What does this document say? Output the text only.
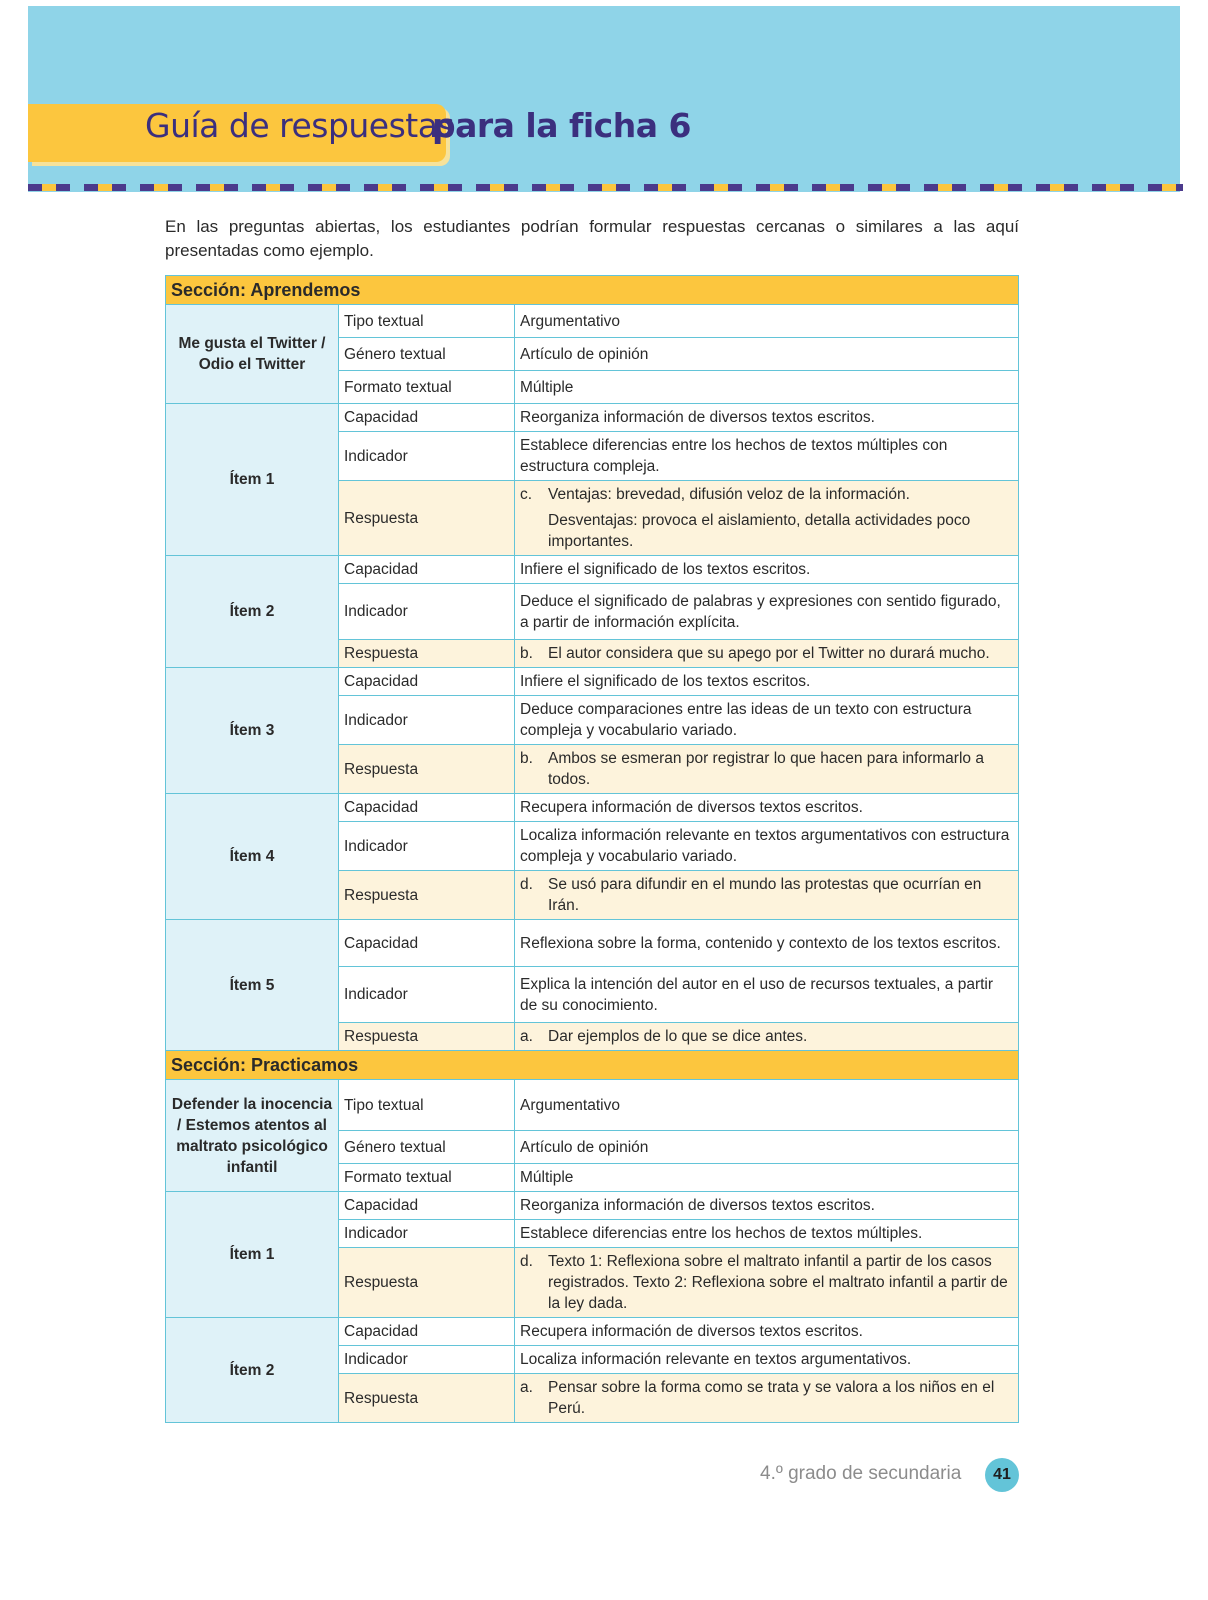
Guía de respuestas
para la ficha 6

En las preguntas abiertas, los estudiantes podrían formular respuestas cercanas o similares a las aquí presentadas como ejemplo.

Sección: Aprendemos		
Me gusta el Twitter / Odio el Twitter	Tipo textual	Argumentativo
	Género textual	Artículo de opinión
	Formato textual	Múltiple
Ítem 1	Capacidad	Reorganiza información de diversos textos escritos.
	Indicador	Establece diferencias entre los hechos de textos múltiples con estructura compleja.
	Respuesta	c. Ventajas: brevedad, difusión veloz de la información.
Desventajas: provoca el aislamiento, detalla actividades poco importantes.

Ítem 2	Capacidad	Infiere el significado de los textos escritos.
	Indicador	Deduce el significado de palabras y expresiones con sentido figurado, a partir de información explícita.
	Respuesta	b. El autor considera que su apego por el Twitter no durará mucho.

Ítem 3	Capacidad	Infiere el significado de los textos escritos.
	Indicador	Deduce comparaciones entre las ideas de un texto con estructura compleja y vocabulario variado.
	Respuesta	b. Ambos se esmeran por registrar lo que hacen para informarlo a todos.

Ítem 4	Capacidad	Recupera información de diversos textos escritos.
	Indicador	Localiza información relevante en textos argumentativos con estructura compleja y vocabulario variado.
	Respuesta	d. Se usó para difundir en el mundo las protestas que ocurrían en Irán.

Ítem 5	Capacidad	Reflexiona sobre la forma, contenido y contexto de los textos escritos.
	Indicador	Explica la intención del autor en el uso de recursos textuales, a partir de su conocimiento.
	Respuesta	a. Dar ejemplos de lo que se dice antes.

Sección: Practicamos		
Defender la inocencia / Estemos atentos al maltrato psicológico infantil	Tipo textual	Argumentativo
	Género textual	Artículo de opinión
	Formato textual	Múltiple
Ítem 1	Capacidad	Reorganiza información de diversos textos escritos.
	Indicador	Establece diferencias entre los hechos de textos múltiples.
	Respuesta	d. Texto 1: Reflexiona sobre el maltrato infantil a partir de los casos registrados. Texto 2: Reflexiona sobre el maltrato infantil a partir de la ley dada.

Ítem 2	Capacidad	Recupera información de diversos textos escritos.
	Indicador	Localiza información relevante en textos argumentativos.
	Respuesta	a. Pensar sobre la forma como se trata y se valora a los niños en el Perú.
4.º grado de secundaria	41
